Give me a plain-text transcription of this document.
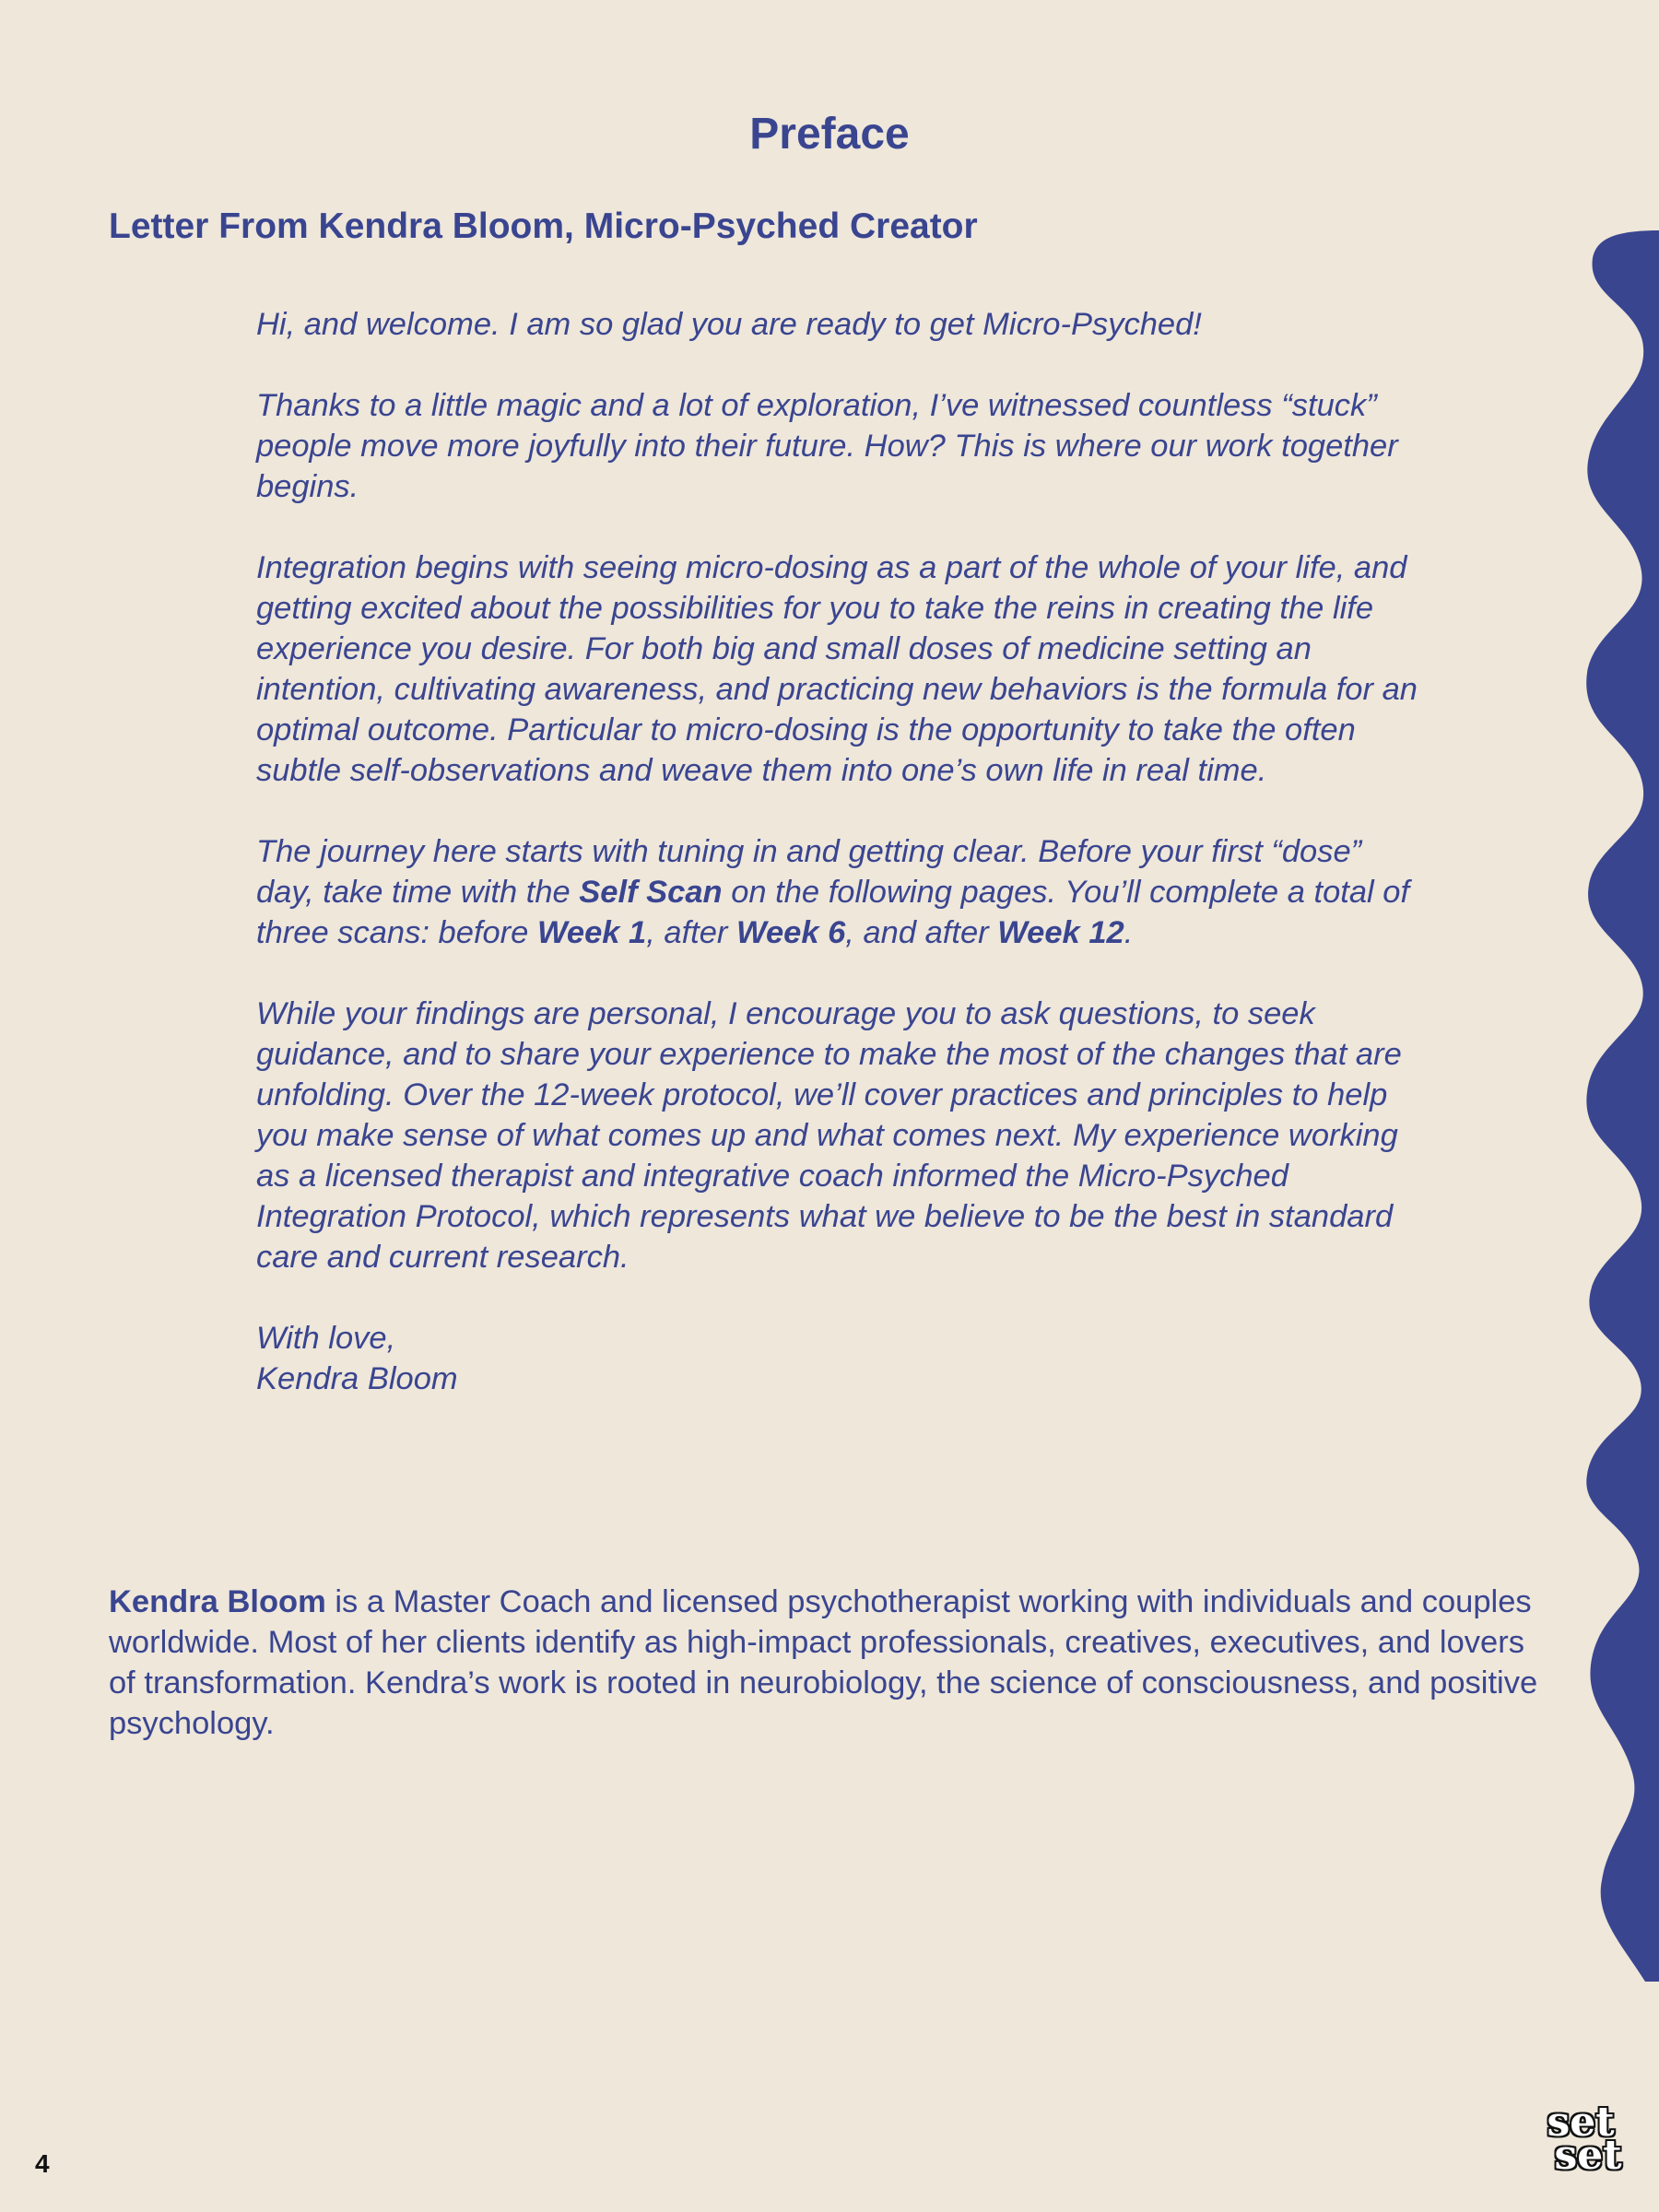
Preface
Letter From Kendra Bloom, Micro-Psyched Creator

Hi, and welcome. I am so glad you are ready to get Micro-Psyched!

Thanks to a little magic and a lot of exploration, I’ve witnessed countless “stuck” people move more joyfully into their future. How? This is where our work together begins.

Integration begins with seeing micro-dosing as a part of the whole of your life, and getting excited about the possibilities for you to take the reins in creating the life experience you desire. For both big and small doses of medicine setting an intention, cultivating awareness, and practicing new behaviors is the formula for an optimal outcome. Particular to micro-dosing is the opportunity to take the often subtle self-observations and weave them into one’s own life in real time.

The journey here starts with tuning in and getting clear. Before your first “dose” day, take time with the Self Scan on the following pages. You’ll complete a total of three scans: before Week 1, after Week 6, and after Week 12.

While your findings are personal, I encourage you to ask questions, to seek guidance, and to share your experience to make the most of the changes that are unfolding. Over the 12-week protocol, we’ll cover practices and principles to help you make sense of what comes up and what comes next. My experience working as a licensed therapist and integrative coach informed the Micro-Psyched Integration Protocol, which represents what we believe to be the best in standard care and current research.

With love,

Kendra Bloom

Kendra Bloom is a Master Coach and licensed psychotherapist working with individuals and couples worldwide. Most of her clients identify as high-impact professionals, creatives, executives, and lovers of transformation. Kendra’s work is rooted in neurobiology, the science of consciousness, and positive psychology.

4
set
set
